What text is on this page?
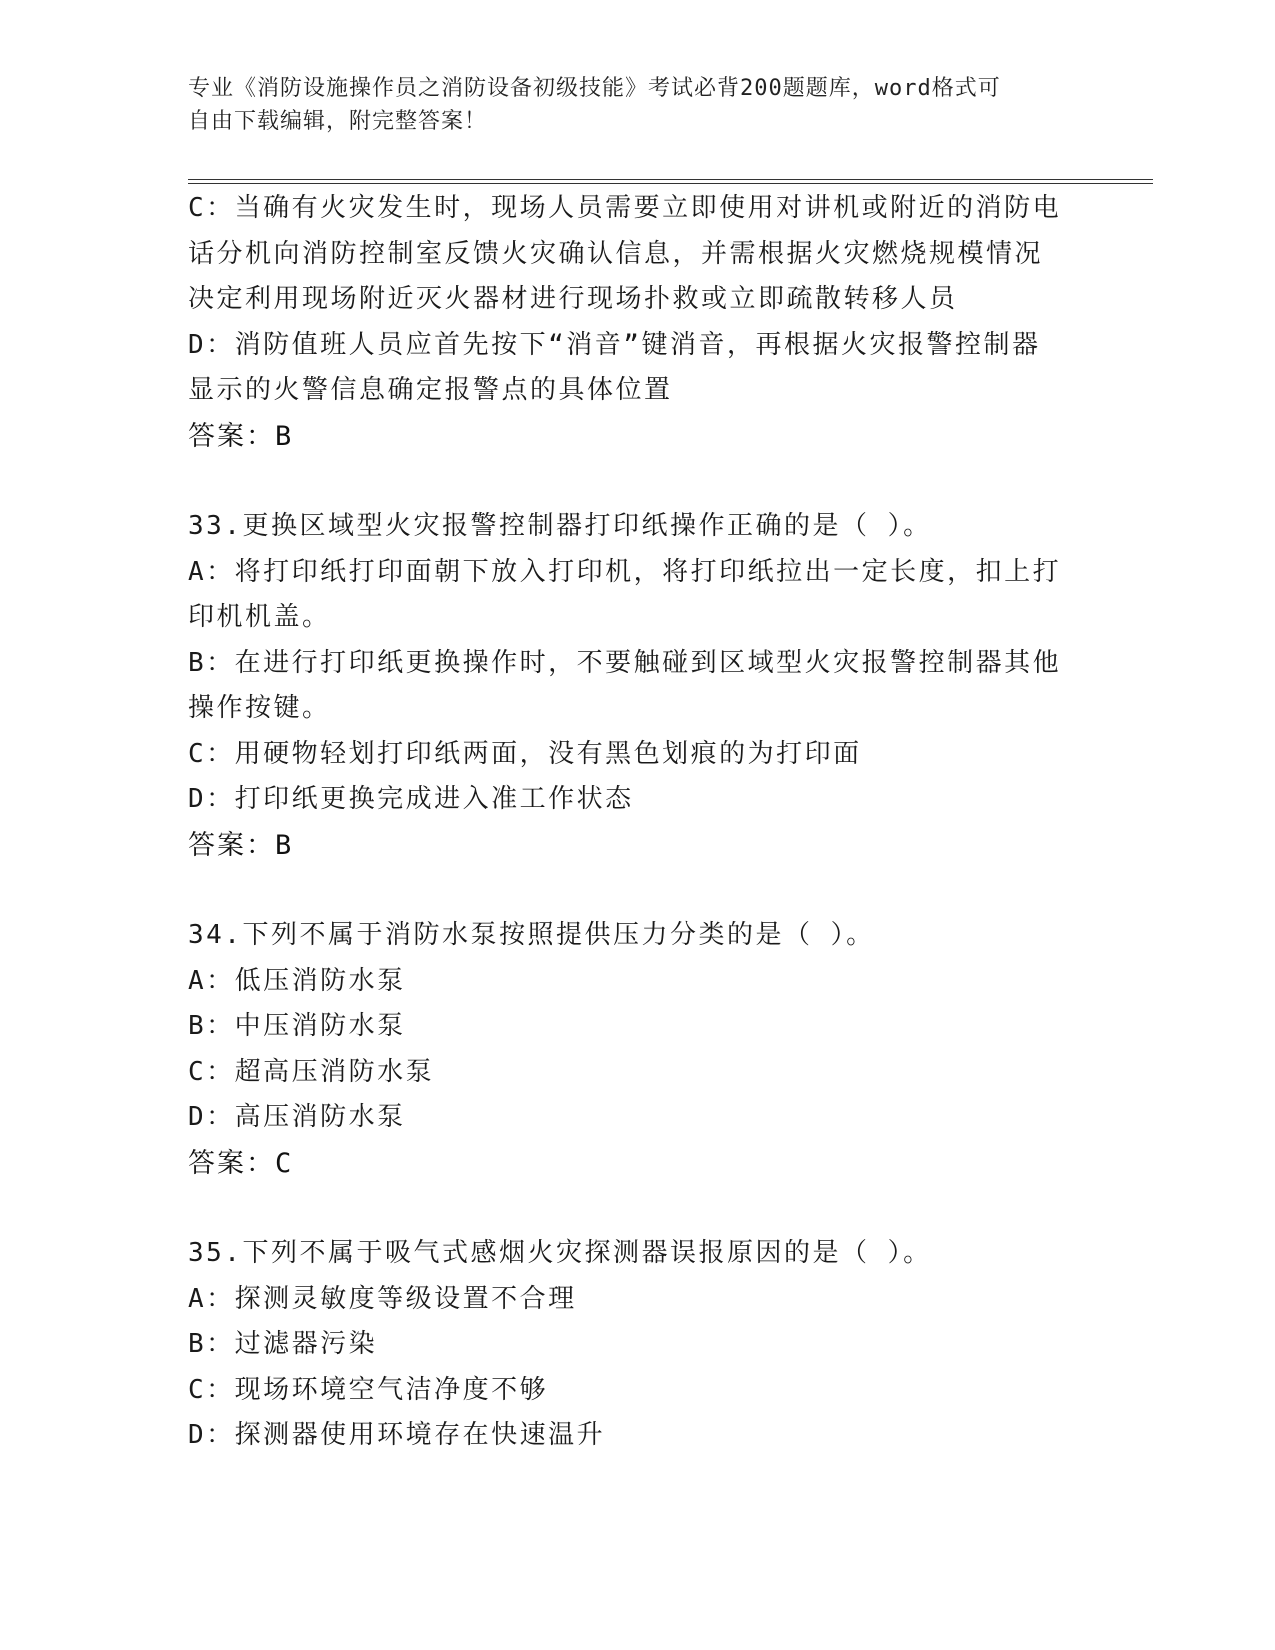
专业《消防设施操作员之消防设备初级技能》考试必背200题题库，word格式可
自由下载编辑，附完整答案！
C：当确有火灾发生时，现场人员需要立即使用对讲机或附近的消防电
话分机向消防控制室反馈火灾确认信息，并需根据火灾燃烧规模情况
决定利用现场附近灭火器材进行现场扑救或立即疏散转移人员
D：消防值班人员应首先按下“消音”键消音，再根据火灾报警控制器
显示的火警信息确定报警点的具体位置
答案：B
33.更换区域型火灾报警控制器打印纸操作正确的是（ ）。
A：将打印纸打印面朝下放入打印机，将打印纸拉出一定长度，扣上打
印机机盖。
B：在进行打印纸更换操作时，不要触碰到区域型火灾报警控制器其他
操作按键。
C：用硬物轻划打印纸两面，没有黑色划痕的为打印面
D：打印纸更换完成进入准工作状态
答案：B
34.下列不属于消防水泵按照提供压力分类的是（ ）。
A：低压消防水泵
B：中压消防水泵
C：超高压消防水泵
D：高压消防水泵
答案：C
35.下列不属于吸气式感烟火灾探测器误报原因的是（ ）。
A：探测灵敏度等级设置不合理
B：过滤器污染
C：现场环境空气洁净度不够
D：探测器使用环境存在快速温升
